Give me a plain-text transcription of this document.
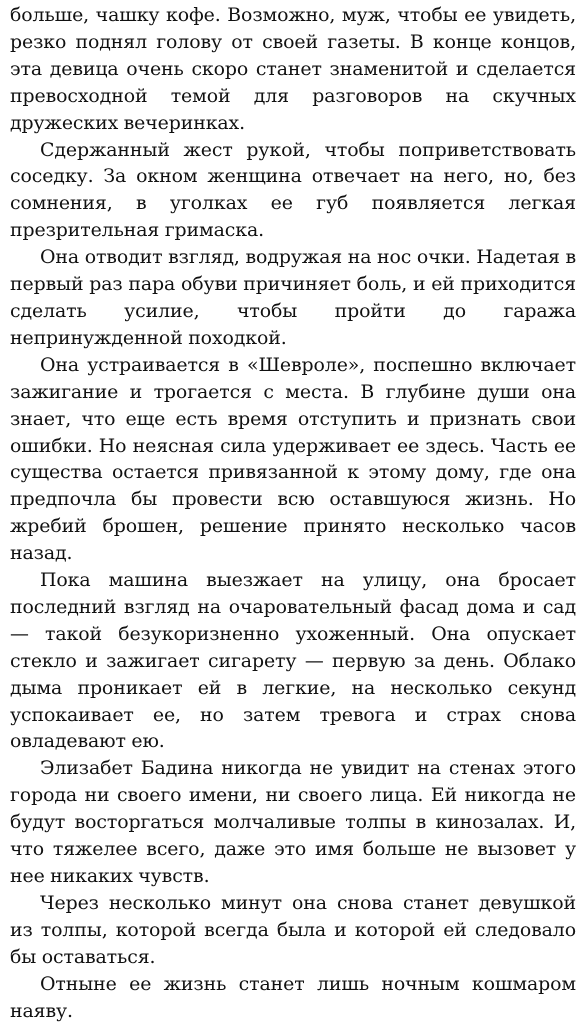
больше, чашку кофе. Возможно, муж, чтобы ее увидеть, резко поднял голову от своей газеты. В конце концов, эта девица очень скоро станет знаменитой и сделается превосходной темой для разговоров на скучных дружеских вечеринках.

Сдержанный жест рукой, чтобы поприветствовать соседку. За окном женщина отвечает на него, но, без сомнения, в уголках ее губ появляется легкая презрительная гримаска.

Она отводит взгляд, водружая на нос очки. Надетая в первый раз пара обуви причиняет боль, и ей приходится сделать усилие, чтобы пройти до гаража непринужденной походкой.

Она устраивается в «Шевроле», поспешно включает зажигание и трогается с места. В глубине души она знает, что еще есть время отступить и признать свои ошибки. Но неясная сила удерживает ее здесь. Часть ее существа остается привязанной к этому дому, где она предпочла бы провести всю оставшуюся жизнь. Но жребий брошен, решение принято несколько часов назад.

Пока машина выезжает на улицу, она бросает последний взгляд на очаровательный фасад дома и сад — такой безукоризненно ухоженный. Она опускает стекло и зажигает сигарету — первую за день. Облако дыма проникает ей в легкие, на несколько секунд успокаивает ее, но затем тревога и страх снова овладевают ею.

Элизабет Бадина никогда не увидит на стенах этого города ни своего имени, ни своего лица. Ей никогда не будут восторгаться молчаливые толпы в кинозалах. И, что тяжелее всего, даже это имя больше не вызовет у нее никаких чувств.

Через несколько минут она снова станет девушкой из толпы, которой всегда была и которой ей следовало бы оставаться.

Отныне ее жизнь станет лишь ночным кошмаром наяву.
